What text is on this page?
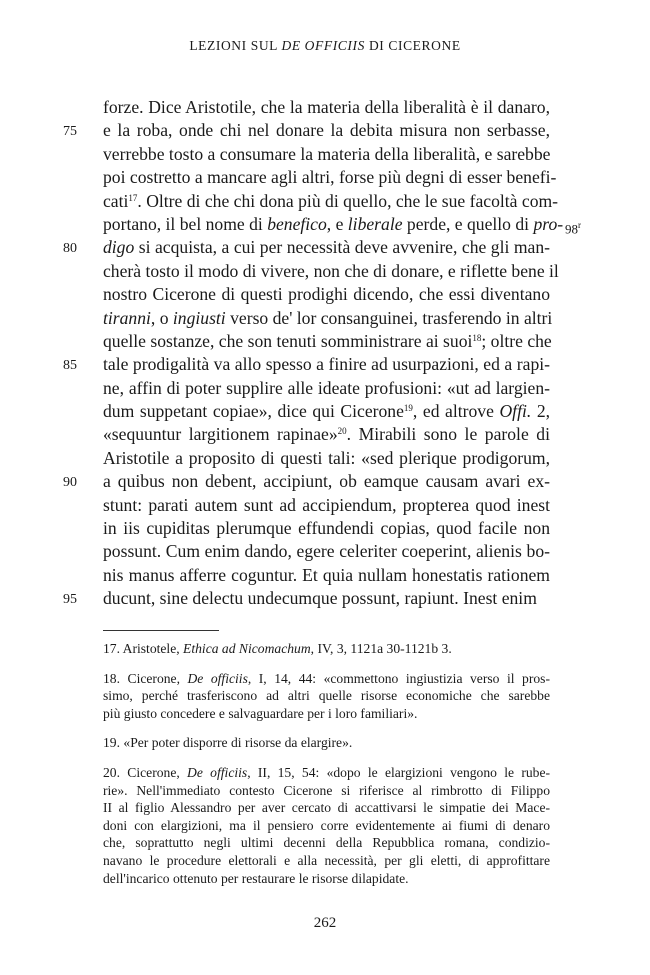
LEZIONI SUL DE OFFICIIS DI CICERONE
forze. Dice Aristotile, che la materia della liberalità è il danaro,
75	e la roba, onde chi nel donare la debita misura non serbasse,
verrebbe tosto a consumare la materia della liberalità, e sarebbe
poi costretto a mancare agli altri, forse più degni di esser benefi-
cati$^{17}$. Oltre di che chi dona più di quello, che le sue facoltà com-
98$^r$
portano, il bel nome di benefico, e liberale perde, e quello di pro-
80	digo si acquista, a cui per necessità deve avvenire, che gli man-
cherà tosto il modo di vivere, non che di donare, e riflette bene il
nostro Cicerone di questi prodighi dicendo, che essi diventano
tiranni, o ingiusti verso de' lor consanguinei, trasferendo in altri
quelle sostanze, che son tenuti somministrare ai suoi$^{18}$; oltre che
85	tale prodigalità va allo spesso a finire ad usurpazioni, ed a rapi-
ne, affin di poter supplire alle ideate profusioni: «ut ad largien-
dum suppetant copiae», dice qui Cicerone$^{19}$, ed altrove Offi. 2,
«sequuntur largitionem rapinae»$^{20}$. Mirabili sono le parole di
Aristotile a proposito di questi tali: «sed plerique prodigorum,
90	a quibus non debent, accipiunt, ob eamque causam avari ex-
stunt: parati autem sunt ad accipiendum, propterea quod inest
in iis cupiditas plerumque effundendi copias, quod facile non
possunt. Cum enim dando, egere celeriter coeperint, alienis bo-
nis manus afferre coguntur. Et quia nullam honestatis rationem
95	ducunt, sine delectu undecumque possunt, rapiunt. Inest enim
17. Aristotele, Ethica ad Nicomachum, IV, 3, 1121a 30-1121b 3.
18. Cicerone, De officiis, I, 14, 44: «commettono ingiustizia verso il pros-
simo, perché trasferiscono ad altri quelle risorse economiche che sarebbe
più giusto concedere e salvaguardare per i loro familiari».
19. «Per poter disporre di risorse da elargire».
20. Cicerone, De officiis, II, 15, 54: «dopo le elargizioni vengono le rube-
rie». Nell'immediato contesto Cicerone si riferisce al rimbrotto di Filippo
II al figlio Alessandro per aver cercato di accattivarsi le simpatie dei Mace-
doni con elargizioni, ma il pensiero corre evidentemente ai fiumi di denaro
che, soprattutto negli ultimi decenni della Repubblica romana, condizio-
navano le procedure elettorali e alla necessità, per gli eletti, di approfittare
dell'incarico ottenuto per restaurare le risorse dilapidate.
262
